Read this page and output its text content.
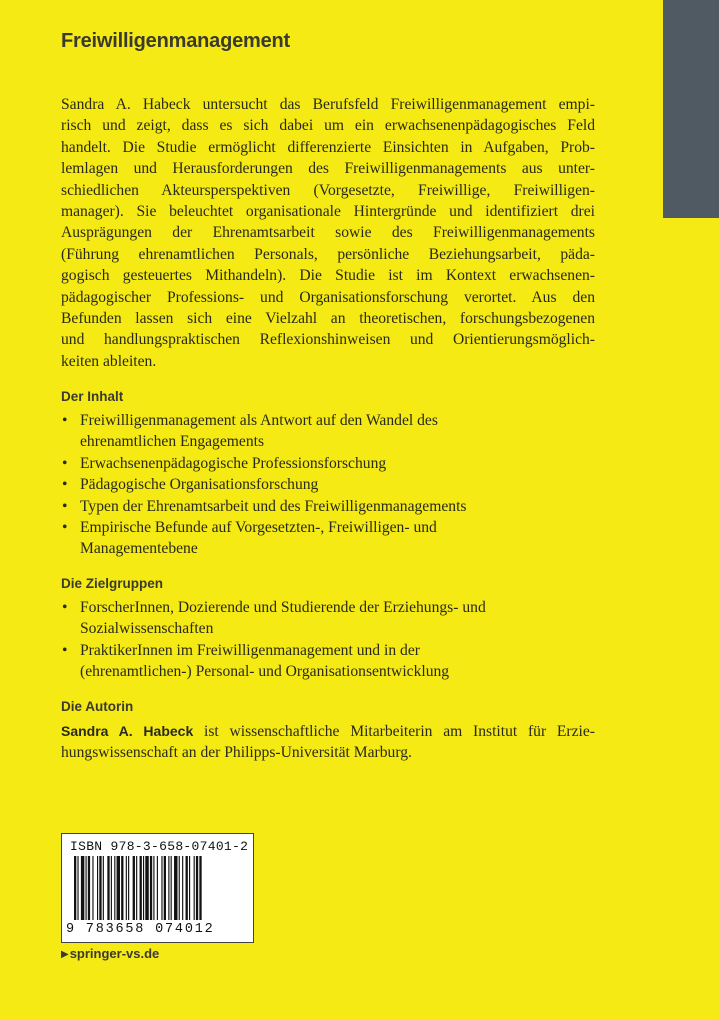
Freiwilligenmanagement
Sandra A. Habeck untersucht das Berufsfeld Freiwilligenmanagement empi-
risch und zeigt, dass es sich dabei um ein erwachsenenpädagogisches Feld
handelt. Die Studie ermöglicht differenzierte Einsichten in Aufgaben, Prob-
lemlagen und Herausforderungen des Freiwilligenmanagements aus unter-
schiedlichen Akteursperspektiven (Vorgesetzte, Freiwillige, Freiwilligen-
manager). Sie beleuchtet organisationale Hintergründe und identifiziert drei
Ausprägungen der Ehrenamtsarbeit sowie des Freiwilligenmanagements
(Führung ehrenamtlichen Personals, persönliche Beziehungsarbeit, päda-
gogisch gesteuertes Mithandeln). Die Studie ist im Kontext erwachsenen-
pädagogischer Professions- und Organisationsforschung verortet. Aus den
Befunden lassen sich eine Vielzahl an theoretischen, forschungsbezogenen
und handlungspraktischen Reflexionshinweisen und Orientierungsmöglich-
keiten ableiten.
Der Inhalt
• Freiwilligenmanagement als Antwort auf den Wandel des
ehrenamtlichen Engagements
• Erwachsenenpädagogische Professionsforschung
• Pädagogische Organisationsforschung
• Typen der Ehrenamtsarbeit und des Freiwilligenmanagements
• Empirische Befunde auf Vorgesetzten-, Freiwilligen- und
Managementebene
Die Zielgruppen
• ForscherInnen, Dozierende und Studierende der Erziehungs- und
Sozialwissenschaften
• PraktikerInnen im Freiwilligenmanagement und in der
(ehrenamtlichen-) Personal- und Organisationsentwicklung
Die Autorin
Sandra A. Habeck ist wissenschaftliche Mitarbeiterin am Institut für Erzie-
hungswissenschaft an der Philipps-Universität Marburg.
ISBN 978-3-658-07401-2
9 783658 074012
▶springer-vs.de
